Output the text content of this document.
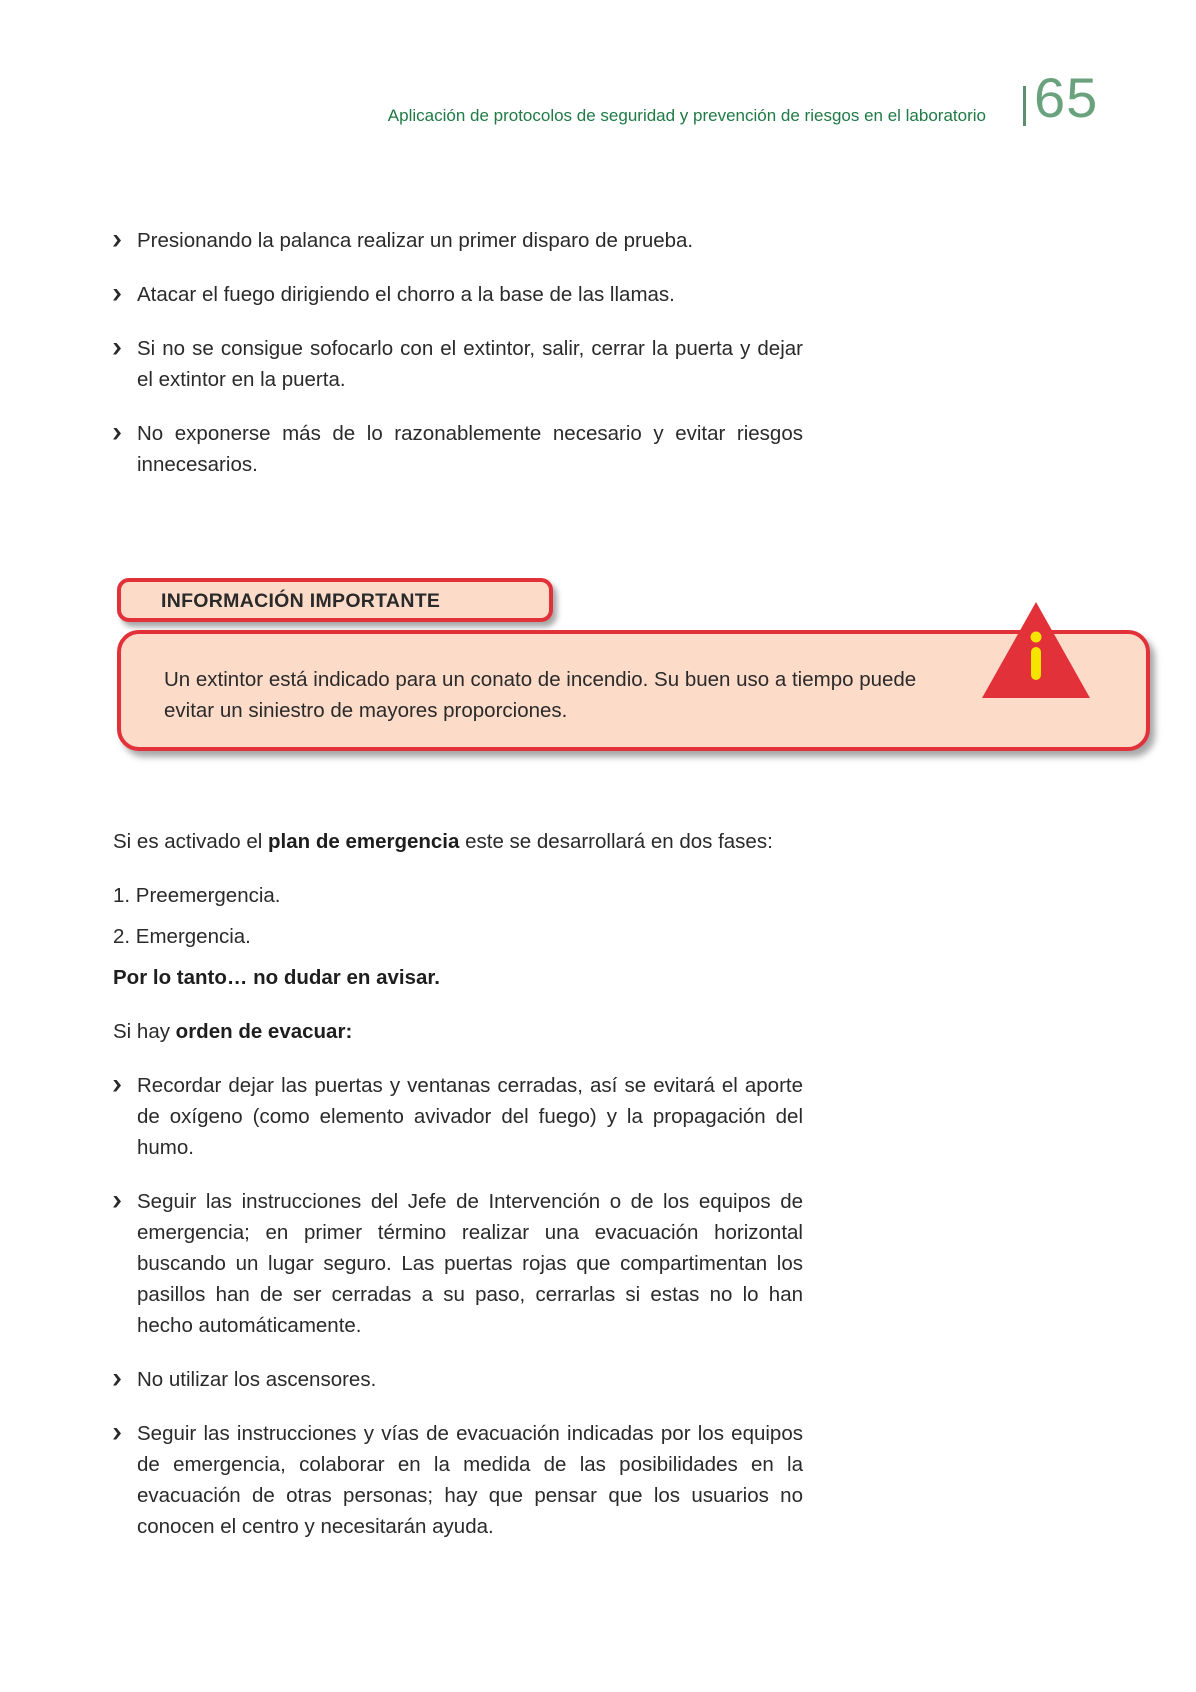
Aplicación de protocolos de seguridad y prevención de riesgos en el laboratorio 65

Presionando la palanca realizar un primer disparo de prueba.

Atacar el fuego dirigiendo el chorro a la base de las llamas.

Si no se consigue sofocarlo con el extintor, salir, cerrar la puerta y dejar el extintor en la puerta.

No exponerse más de lo razonablemente necesario y evitar riesgos innecesarios.

INFORMACIÓN IMPORTANTE
Un extintor está indicado para un conato de incendio. Su buen uso a tiempo puede evitar un siniestro de mayores proporciones.

Si es activado el plan de emergencia este se desarrollará en dos fases:

1. Preemergencia.

2. Emergencia.

Por lo tanto… no dudar en avisar.

Si hay orden de evacuar:

Recordar dejar las puertas y ventanas cerradas, así se evitará el aporte de oxígeno (como elemento avivador del fuego) y la propagación del humo.

Seguir las instrucciones del Jefe de Intervención o de los equipos de emergencia; en primer término realizar una evacuación horizontal buscando un lugar seguro. Las puertas rojas que compartimentan los pasillos han de ser cerradas a su paso, cerrarlas si estas no lo han hecho automáticamente.

No utilizar los ascensores.

Seguir las instrucciones y vías de evacuación indicadas por los equipos de emergencia, colaborar en la medida de las posibilidades en la evacuación de otras personas; hay que pensar que los usuarios no conocen el centro y necesitarán ayuda.
